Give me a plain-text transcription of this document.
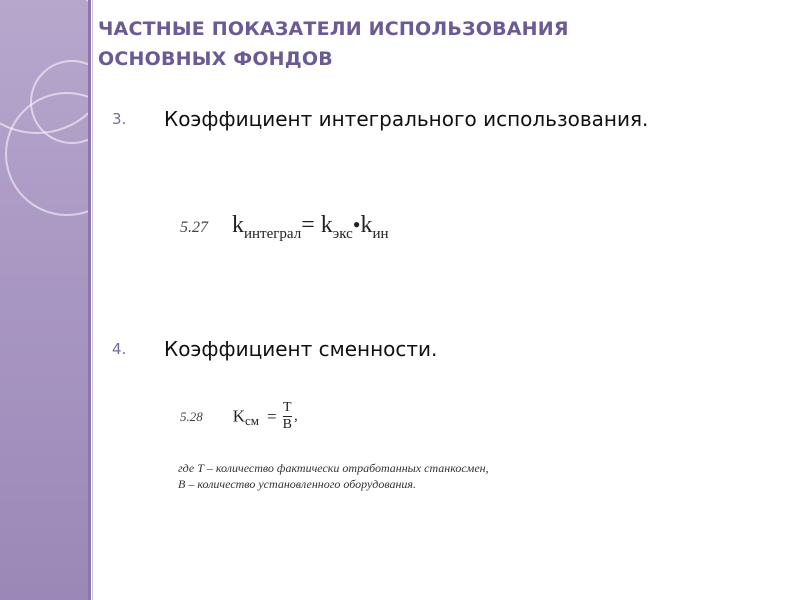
ЧАСТНЫЕ ПОКАЗАТЕЛИ ИСПОЛЬЗОВАНИЯ
ОСНОВНЫХ ФОНДОВ
3. Коэффициент интегрального использования.
5.27 $k_{интеграл}=$ $k_{экс}•k_{ин}$
4. Коэффициент сменности.
5.28 $K_{см} = \frac{Т}{В}$ ,
где Т – количество фактически отработанных станкосмен,
В – количество установленного оборудования.
